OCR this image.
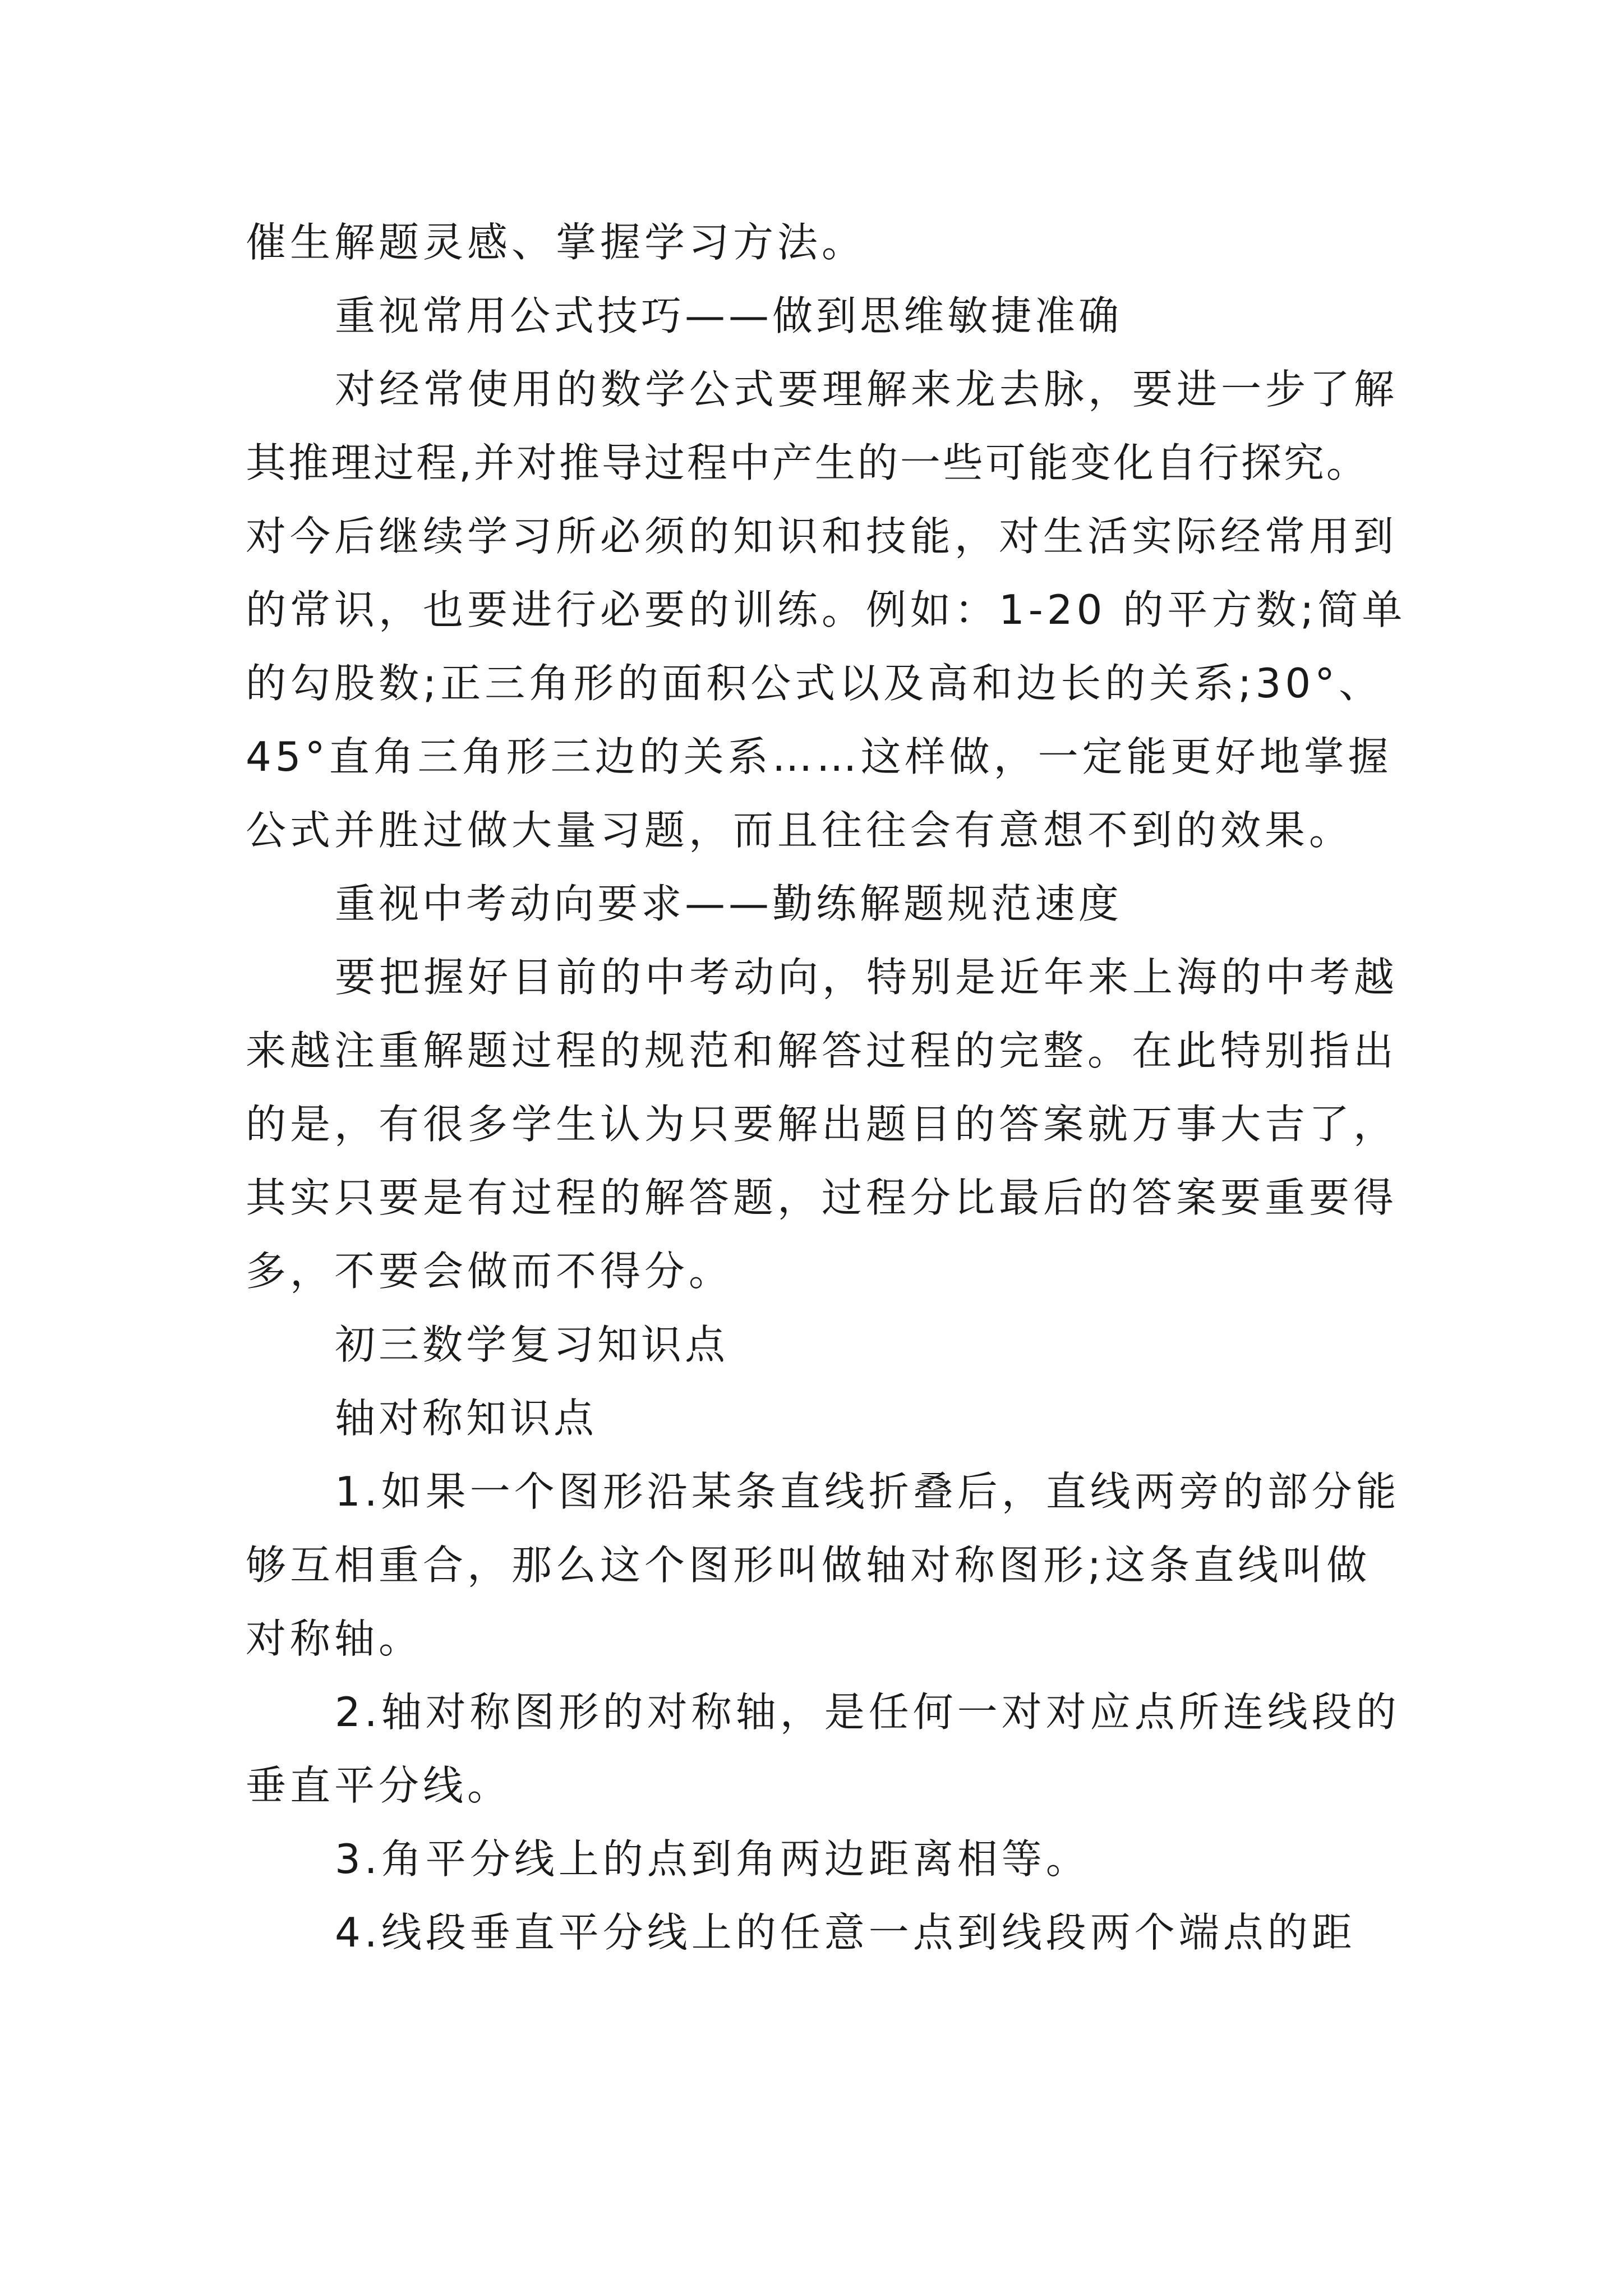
催生解题灵感、掌握学习方法。

重视常用公式技巧——做到思维敏捷准确

对经常使用的数学公式要理解来龙去脉，要进一步了解

其推理过程,并对推导过程中产生的一些可能变化自行探究。

对今后继续学习所必须的知识和技能，对生活实际经常用到

的常识，也要进行必要的训练。例如：1-20 的平方数;简单

的勾股数;正三角形的面积公式以及高和边长的关系;30°、

45°直角三角形三边的关系……这样做，一定能更好地掌握

公式并胜过做大量习题，而且往往会有意想不到的效果。

重视中考动向要求——勤练解题规范速度

要把握好目前的中考动向，特别是近年来上海的中考越

来越注重解题过程的规范和解答过程的完整。在此特别指出

的是，有很多学生认为只要解出题目的答案就万事大吉了，

其实只要是有过程的解答题，过程分比最后的答案要重要得

多，不要会做而不得分。

初三数学复习知识点

轴对称知识点

1.如果一个图形沿某条直线折叠后，直线两旁的部分能

够互相重合，那么这个图形叫做轴对称图形;这条直线叫做

对称轴。

2.轴对称图形的对称轴，是任何一对对应点所连线段的

垂直平分线。

3.角平分线上的点到角两边距离相等。

4.线段垂直平分线上的任意一点到线段两个端点的距
